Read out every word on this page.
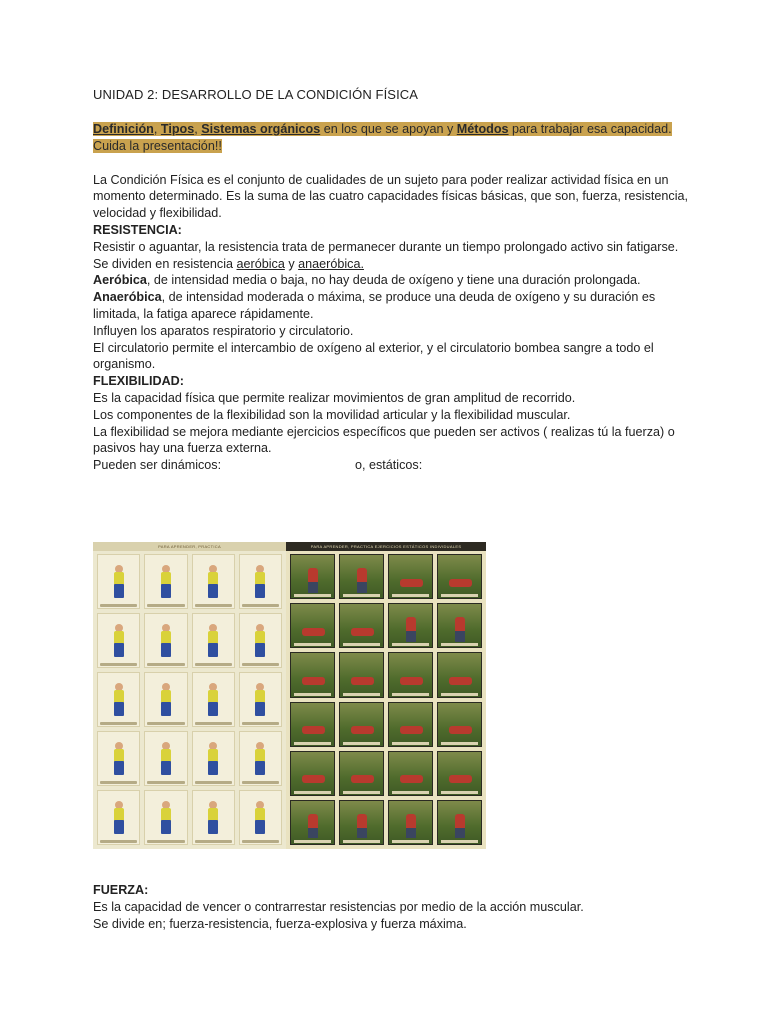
UNIDAD 2: DESARROLLO DE LA CONDICIÓN FÍSICA

Definición, Tipos, Sistemas orgánicos en los que se apoyan y Métodos para trabajar esa capacidad. Cuida la presentación!!

La Condición Física es el conjunto de cualidades de un sujeto para poder realizar actividad física en un momento determinado. Es la suma de las cuatro capacidades físicas básicas, que son, fuerza, resistencia, velocidad y flexibilidad.

RESISTENCIA:

Resistir o aguantar, la resistencia trata de permanecer durante un tiempo prolongado activo sin fatigarse.

Se dividen en resistencia aeróbica y anaeróbica.

Aeróbica, de intensidad media o baja, no hay deuda de oxígeno y tiene una duración prolongada.

Anaeróbica, de intensidad moderada o máxima, se produce una deuda de oxígeno y su duración es limitada, la fatiga aparece rápidamente.

Influyen los aparatos respiratorio y circulatorio.

El circulatorio permite el intercambio de oxígeno al exterior, y el circulatorio bombea sangre a todo el organismo.

FLEXIBILIDAD:

Es la capacidad física que permite realizar movimientos de gran amplitud de recorrido.

Los componentes de la flexibilidad son la movilidad articular y la flexibilidad muscular.

La flexibilidad se mejora mediante ejercicios específicos que pueden ser activos ( realizas tú la fuerza) o pasivos hay una fuerza externa.

Pueden ser dinámicos:	o, estáticos:

PARA APRENDER, PRACTICA	PARA APRENDER, PRACTICA EJERCICIOS ESTÁTICOS INDIVIDUALES

FUERZA:

Es la capacidad de vencer o contrarrestar resistencias por medio de la acción muscular.

Se divide en; fuerza-resistencia, fuerza-explosiva y fuerza máxima.
